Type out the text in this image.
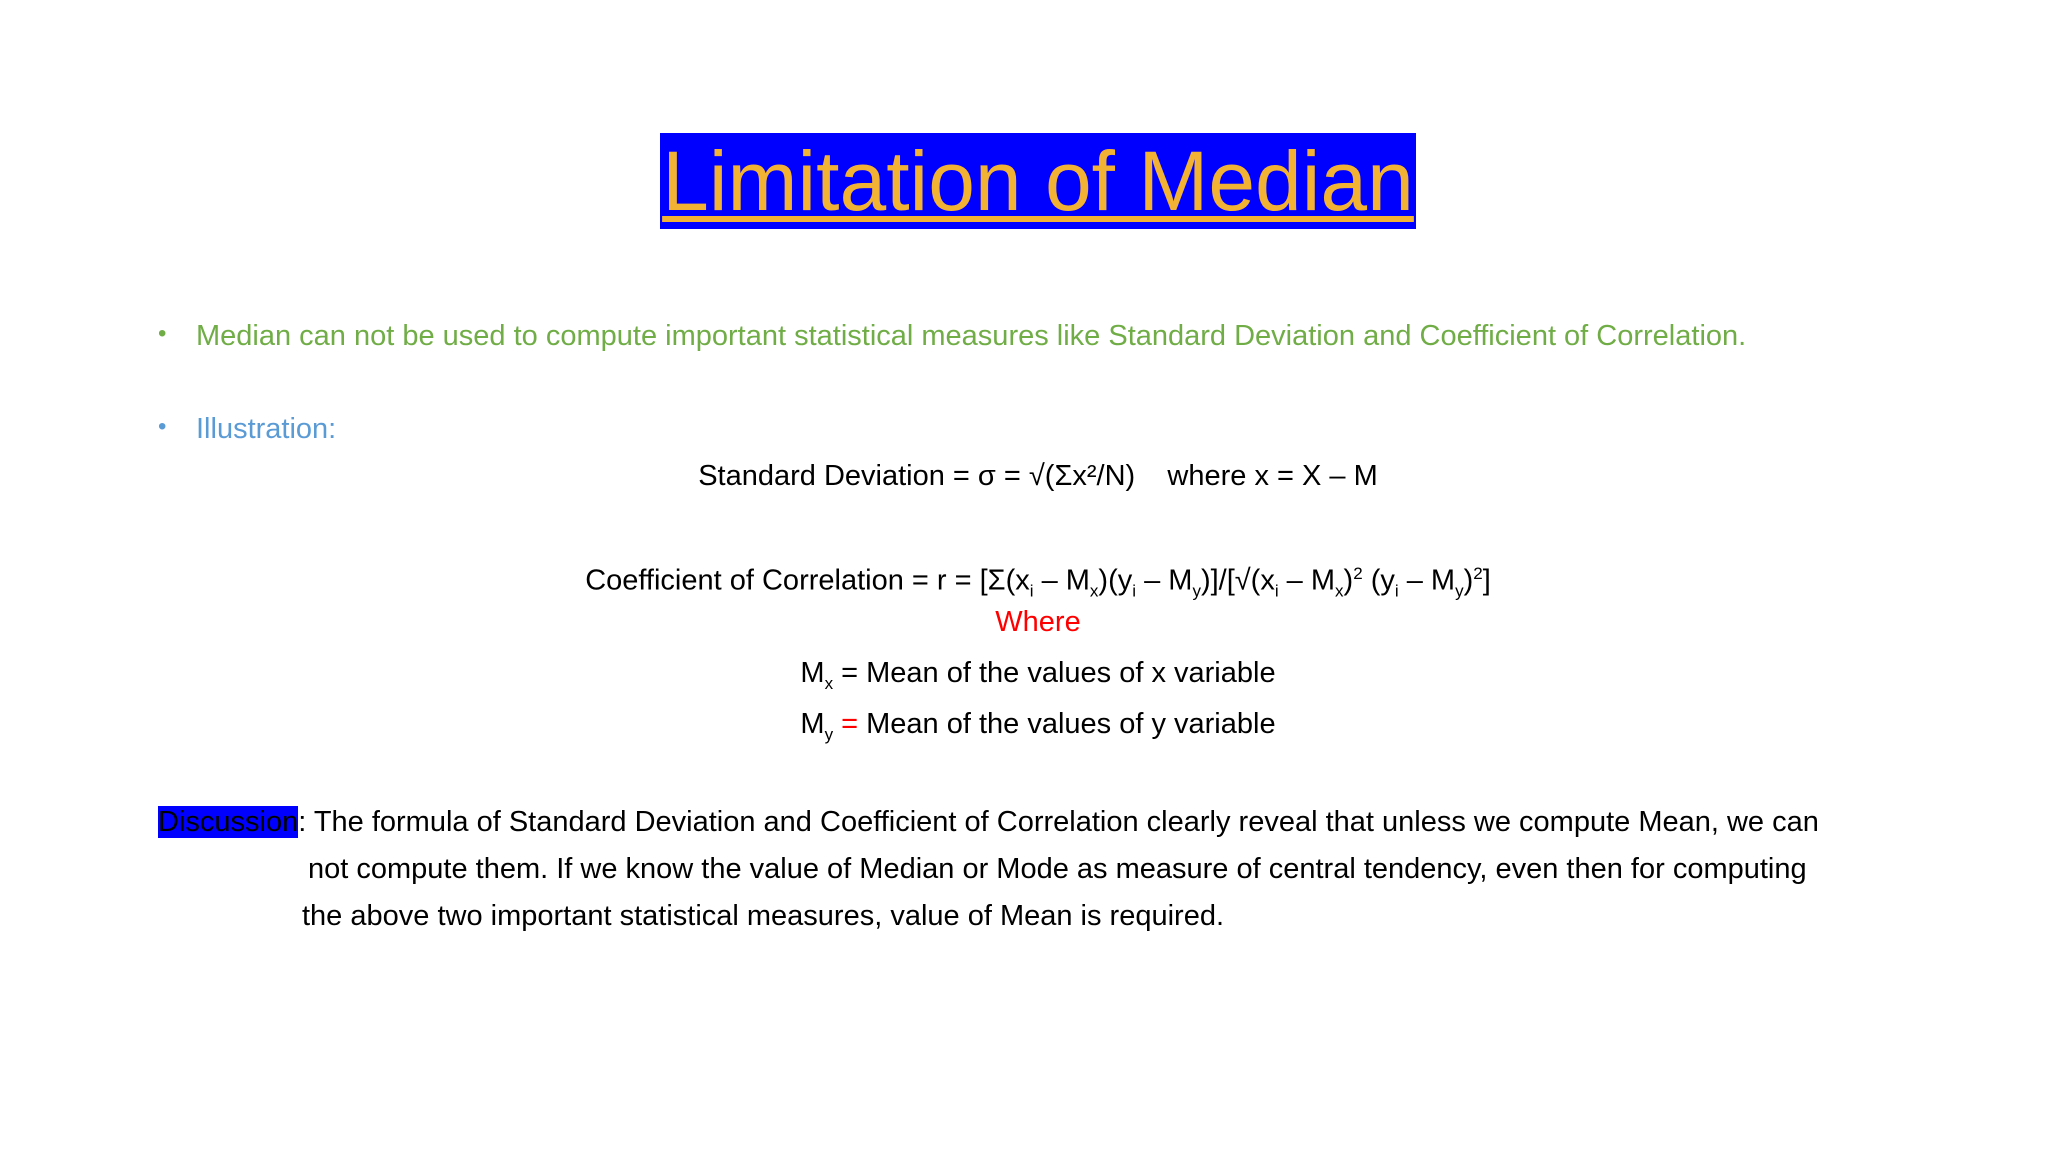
Limitation of Median
• Median can not be used to compute important statistical measures like Standard Deviation and Coefficient of Correlation.
• Illustration:
Standard Deviation = σ = √(Σx²/N)    where x = X – M
Coefficient of Correlation = $r = [\Sigma(x_i - M_x)(y_i - M_y)]/[√(x_i - M_x)^2$ $(y_i - M_y)^2$]
Where
$M_x$ = Mean of the values of x variable
$M_y$ = Mean of the values of y variable
Discussion: The formula of Standard Deviation and Coefficient of Correlation clearly reveal that unless we compute Mean, we can
not compute them. If we know the value of Median or Mode as measure of central tendency, even then for computing
the above two important statistical measures, value of Mean is required.
